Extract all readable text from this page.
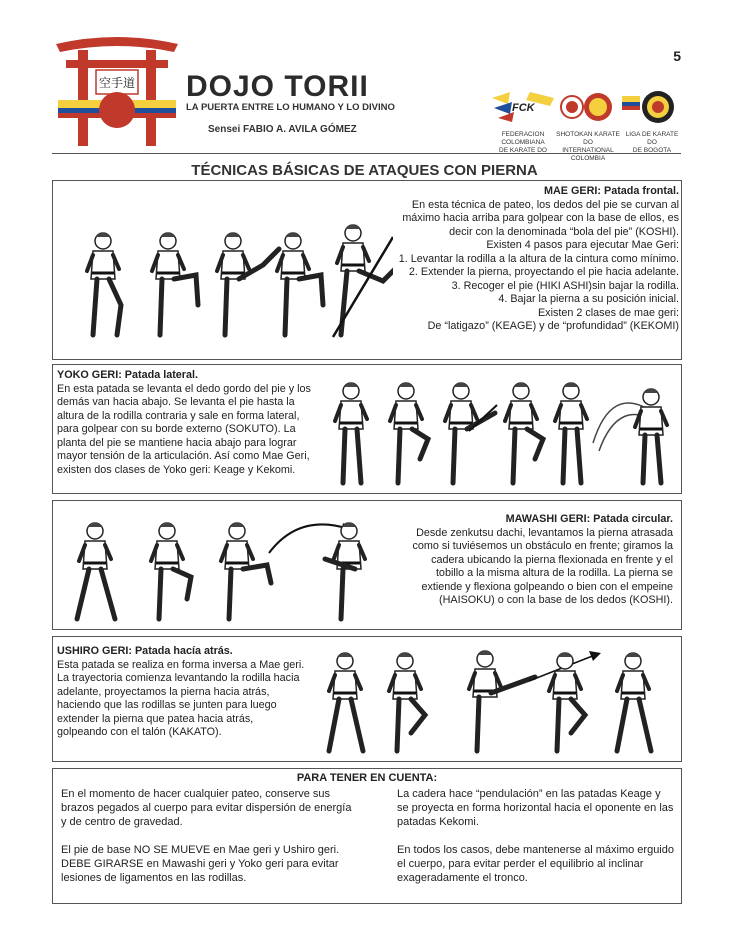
空手道 DOJO TORII
LA PUERTA ENTRE LO HUMANO Y LO DIVINO
Sensei FABIO A. AVILA GÓMEZ
5
FCK
FEDERACION COLOMBIANA
DE KARATE DO
SHOTOKAN KARATE DO
INTERNATIONAL COLOMBIA
LIGA DE KARATE DO
DE BOGOTA
TÉCNICAS BÁSICAS DE ATAQUES CON PIERNA
MAE GERI: Patada frontal.
En esta técnica de pateo, los dedos del pie se curvan al
máximo hacia arriba para golpear con la base de ellos, es
decir con la denominada “bola del pie” (KOSHI).
Existen 4 pasos para ejecutar Mae Geri:
1. Levantar la rodilla a la altura de la cintura como mínimo.
2. Extender la pierna, proyectando el pie hacia adelante.
3. Recoger el pie (HIKI ASHI)sin bajar la rodilla.
4. Bajar la pierna a su posición inicial.
Existen 2 clases de mae geri:
De “latigazo” (KEAGE) y de “profundidad” (KEKOMI)
YOKO GERI: Patada lateral.
En esta patada se levanta el dedo gordo del pie y los
demás van hacia abajo. Se levanta el pie hasta la
altura de la rodilla contraria y sale en forma lateral,
para golpear con su borde externo (SOKUTO). La
planta del pie se mantiene hacia abajo para lograr
mayor tensión de la articulación. Así como Mae Geri,
existen dos clases de Yoko geri: Keage y Kekomi.
MAWASHI GERI: Patada circular.
Desde zenkutsu dachi, levantamos la pierna atrasada
como si tuviésemos un obstáculo en frente; giramos la
cadera ubicando la pierna flexionada en frente y el
tobillo a la misma altura de la rodilla. La pierna se
extiende y flexiona golpeando o bien con el empeine
(HAISOKU) o con la base de los dedos (KOSHI).
USHIRO GERI: Patada hacía atrás.
Esta patada se realiza en forma inversa a Mae geri.
La trayectoria comienza levantando la rodilla hacia
adelante, proyectamos la pierna hacia atrás,
haciendo que las rodillas se junten para luego
extender la pierna que patea hacia atrás,
golpeando con el talón (KAKATO).
PARA TENER EN CUENTA:

En el momento de hacer cualquier pateo, conserve sus brazos pegados al cuerpo para evitar dispersión de energía y de centro de gravedad.

El pie de base NO SE MUEVE en Mae geri y Ushiro geri. DEBE GIRARSE en Mawashi geri y Yoko geri para evitar lesiones de ligamentos en las rodillas.

La cadera hace “pendulación” en las patadas Keage y se proyecta en forma horizontal hacia el oponente en las patadas Kekomi.

En todos los casos, debe mantenerse al máximo erguido el cuerpo, para evitar perder el equilibrio al inclinar exageradamente el tronco.
